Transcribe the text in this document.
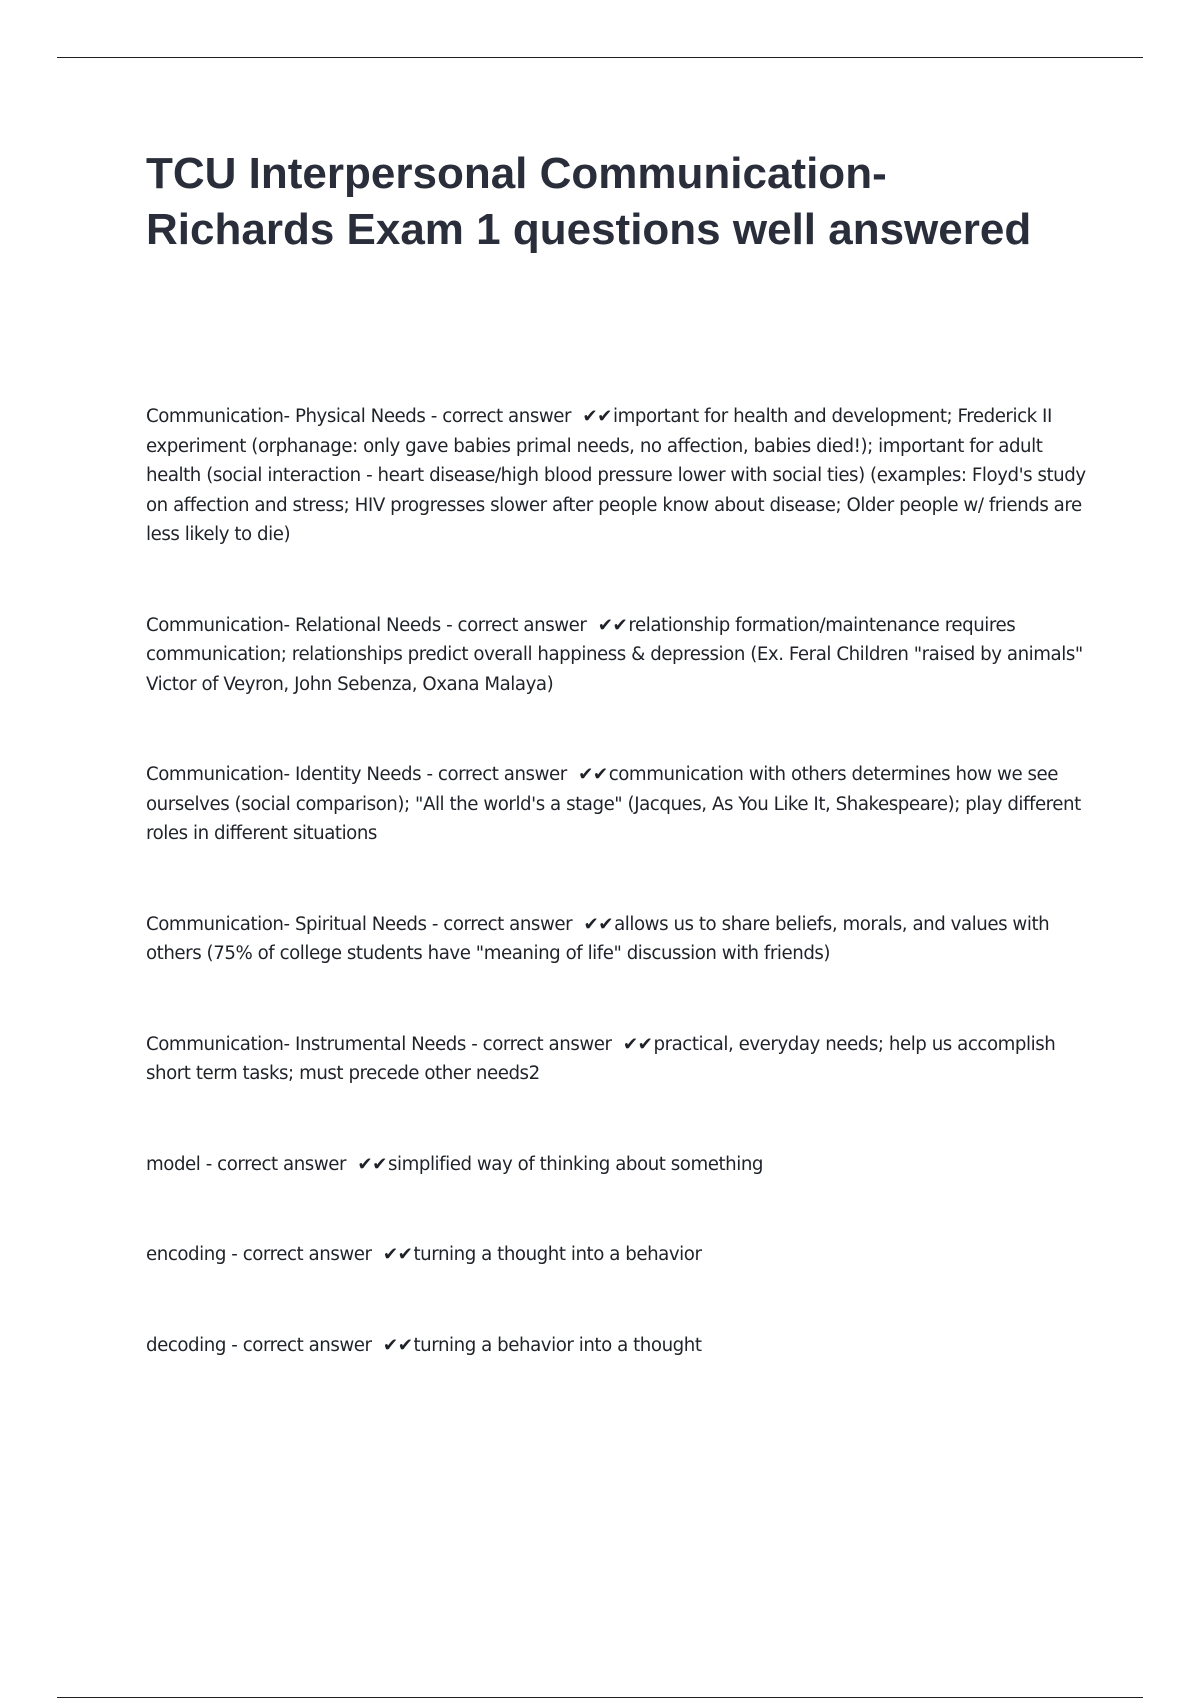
TCU Interpersonal Communication- Richards Exam 1 questions well answered
Communication- Physical Needs - correct answer ✔✔important for health and development; Frederick II experiment (orphanage: only gave babies primal needs, no affection, babies died!); important for adult health (social interaction - heart disease/high blood pressure lower with social ties) (examples: Floyd's study on affection and stress; HIV progresses slower after people know about disease; Older people w/ friends are less likely to die)
Communication- Relational Needs - correct answer ✔✔relationship formation/maintenance requires communication; relationships predict overall happiness & depression (Ex. Feral Children "raised by animals" Victor of Veyron, John Sebenza, Oxana Malaya)
Communication- Identity Needs - correct answer ✔✔communication with others determines how we see ourselves (social comparison); "All the world's a stage" (Jacques, As You Like It, Shakespeare); play different roles in different situations
Communication- Spiritual Needs - correct answer ✔✔allows us to share beliefs, morals, and values with others (75% of college students have "meaning of life" discussion with friends)
Communication- Instrumental Needs - correct answer ✔✔practical, everyday needs; help us accomplish short term tasks; must precede other needs2
model - correct answer ✔✔simplified way of thinking about something
encoding - correct answer ✔✔turning a thought into a behavior
decoding - correct answer ✔✔turning a behavior into a thought
